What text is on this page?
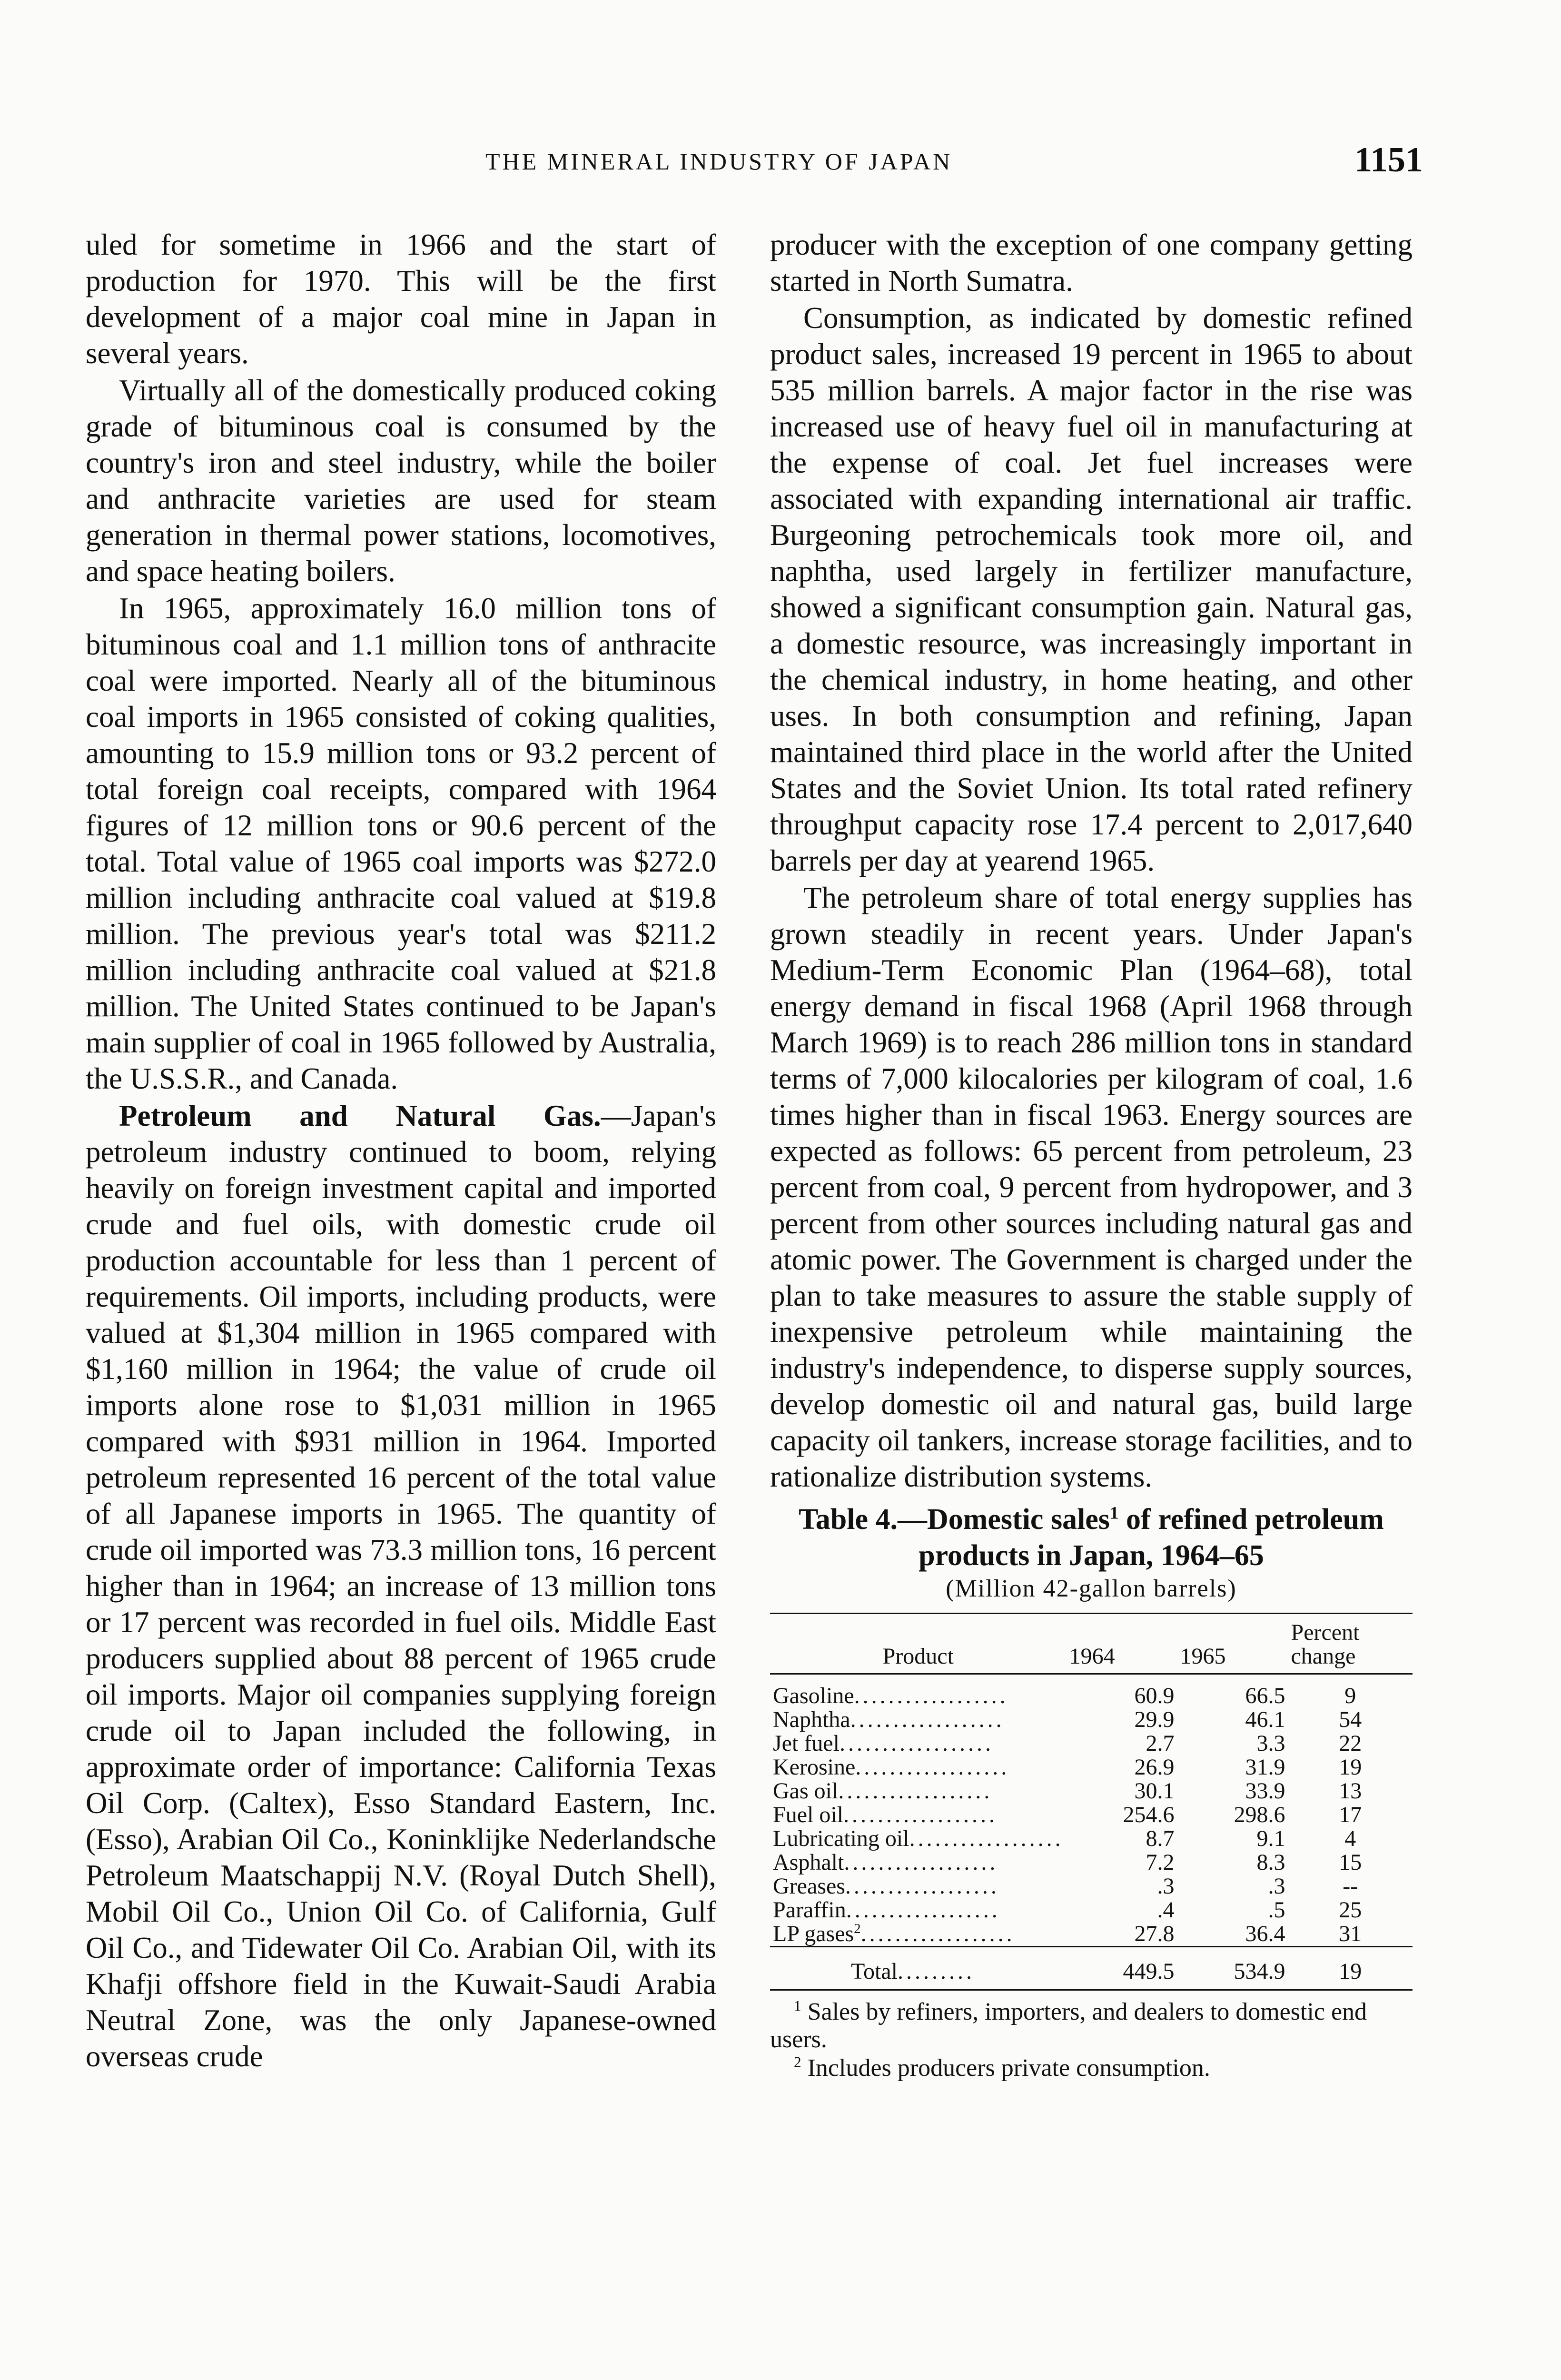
THE MINERAL INDUSTRY OF JAPAN	1151

uled for sometime in 1966 and the start of production for 1970. This will be the first development of a major coal mine in Japan in several years.

Virtually all of the domestically produced coking grade of bituminous coal is consumed by the country's iron and steel industry, while the boiler and anthracite varieties are used for steam generation in thermal power stations, locomotives, and space heating boilers.

In 1965, approximately 16.0 million tons of bituminous coal and 1.1 million tons of anthracite coal were imported. Nearly all of the bituminous coal imports in 1965 consisted of coking qualities, amounting to 15.9 million tons or 93.2 percent of total foreign coal receipts, compared with 1964 figures of 12 million tons or 90.6 percent of the total. Total value of 1965 coal imports was $272.0 million including anthracite coal valued at $19.8 million. The previous year's total was $211.2 million including anthracite coal valued at $21.8 million. The United States continued to be Japan's main supplier of coal in 1965 followed by Australia, the U.S.S.R., and Canada.

Petroleum and Natural Gas.—Japan's petroleum industry continued to boom, relying heavily on foreign investment capital and imported crude and fuel oils, with domestic crude oil production accountable for less than 1 percent of requirements. Oil imports, including products, were valued at $1,304 million in 1965 compared with $1,160 million in 1964; the value of crude oil imports alone rose to $1,031 million in 1965 compared with $931 million in 1964. Imported petroleum represented 16 percent of the total value of all Japanese imports in 1965. The quantity of crude oil imported was 73.3 million tons, 16 percent higher than in 1964; an increase of 13 million tons or 17 percent was recorded in fuel oils. Middle East producers supplied about 88 percent of 1965 crude oil imports. Major oil companies supplying foreign crude oil to Japan included the following, in approximate order of importance: California Texas Oil Corp. (Caltex), Esso Standard Eastern, Inc. (Esso), Arabian Oil Co., Koninklijke Nederlandsche Petroleum Maatschappij N.V. (Royal Dutch Shell), Mobil Oil Co., Union Oil Co. of California, Gulf Oil Co., and Tidewater Oil Co. Arabian Oil, with its Khafji offshore field in the Kuwait-Saudi Arabia Neutral Zone, was the only Japanese-owned overseas crude

producer with the exception of one company getting started in North Sumatra.

Consumption, as indicated by domestic refined product sales, increased 19 percent in 1965 to about 535 million barrels. A major factor in the rise was increased use of heavy fuel oil in manufacturing at the expense of coal. Jet fuel increases were associated with expanding international air traffic. Burgeoning petrochemicals took more oil, and naphtha, used largely in fertilizer manufacture, showed a significant consumption gain. Natural gas, a domestic resource, was increasingly important in the chemical industry, in home heating, and other uses. In both consumption and refining, Japan maintained third place in the world after the United States and the Soviet Union. Its total rated refinery throughput capacity rose 17.4 percent to 2,017,640 barrels per day at yearend 1965.

The petroleum share of total energy supplies has grown steadily in recent years. Under Japan's Medium-Term Economic Plan (1964–68), total energy demand in fiscal 1968 (April 1968 through March 1969) is to reach 286 million tons in standard terms of 7,000 kilocalories per kilogram of coal, 1.6 times higher than in fiscal 1963. Energy sources are expected as follows: 65 percent from petroleum, 23 percent from coal, 9 percent from hydropower, and 3 percent from other sources including natural gas and atomic power. The Government is charged under the plan to take measures to assure the stable supply of inexpensive petroleum while maintaining the industry's independence, to disperse supply sources, develop domestic oil and natural gas, build large capacity oil tankers, increase storage facilities, and to rationalize distribution systems.

Table 4.—Domestic sales$^1$ of refined petroleum products in Japan, 1964–65
(Million 42-gallon barrels)
Product	1964	1965	Percent change
Gasoline..................	60.9	66.5	9
Naphtha..................	29.9	46.1	54
Jet fuel..................	2.7	3.3	22
Kerosine..................	26.9	31.9	19
Gas oil..................	30.1	33.9	13
Fuel oil..................	254.6	298.6	17
Lubricating oil..................	8.7	9.1	4
Asphalt..................	7.2	8.3	15
Greases..................	.3	.3	--
Paraffin..................	.4	.5	25
LP gases$^2$..................	27.8	36.4	31
Total.........	449.5	534.9	19

$^1$ Sales by refiners, importers, and dealers to domestic end users.

$^2$ Includes producers private consumption.
